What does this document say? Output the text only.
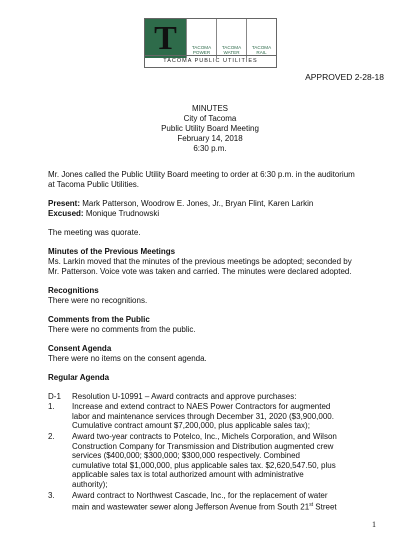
T	TACOMA
POWER
TACOMA
WATER
TACOMA
RAIL
TACOMA PUBLIC UTILITIES
APPROVED 2-28-18
MINUTES
City of Tacoma
Public Utility Board Meeting
February 14, 2018
6:30 p.m.
Mr. Jones called the Public Utility Board meeting to order at 6:30 p.m. in the auditorium
at Tacoma Public Utilities.
Present: Mark Patterson, Woodrow E. Jones, Jr., Bryan Flint, Karen Larkin
Excused: Monique Trudnowski
The meeting was quorate.
Minutes of the Previous Meetings
Ms. Larkin moved that the minutes of the previous meetings be adopted; seconded by
Mr. Patterson. Voice vote was taken and carried. The minutes were declared adopted.
Recognitions
There were no recognitions.
Comments from the Public
There were no comments from the public.
Consent Agenda
There were no items on the consent agenda.
Regular Agenda
D-1 Resolution U-10991 – Award contracts and approve purchases:
1. Increase and extend contract to NAES Power Contractors for augmented
labor and maintenance services through December 31, 2020 ($3,900,000.
Cumulative contract amount $7,200,000, plus applicable sales tax);
2. Award two-year contracts to Potelco, Inc., Michels Corporation, and Wilson
Construction Company for Transmission and Distribution augmented crew
services ($400,000; $300,000; $300,000 respectively. Combined
cumulative total $1,000,000, plus applicable sales tax. $2,620,547.50, plus
applicable sales tax is total authorized amount with administrative
authority);
3. Award contract to Northwest Cascade, Inc., for the replacement of water
main and wastewater sewer along Jefferson Avenue from South 21st Street
1
